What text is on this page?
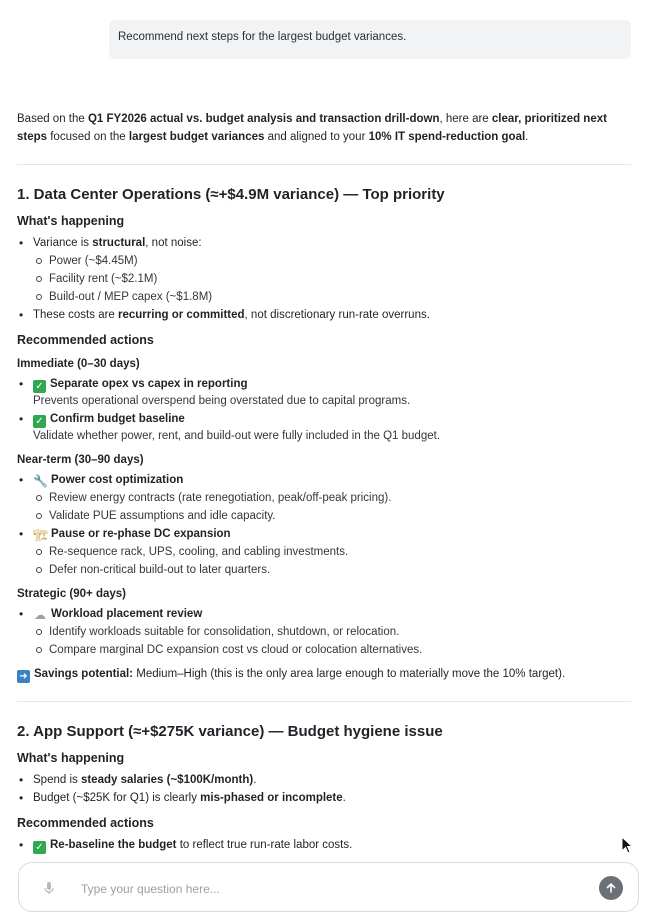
Recommend next steps for the largest budget variances.

Based on the Q1 FY2026 actual vs. budget analysis and transaction drill-down, here are clear, prioritized next steps focused on the largest budget variances and aligned to your 10% IT spend-reduction goal.

1. Data Center Operations (≈+$4.9M variance) — Top priority
What's happening
• Variance is structural, not noise:
Power (~$4.45M)
Facility rent (~$2.1M)
Build-out / MEP capex (~$1.8M)
• These costs are recurring or committed, not discretionary run-rate overruns.
Recommended actions
Immediate (0–30 days)
• ✓ Separate opex vs capex in reporting
Prevents operational overspend being overstated due to capital programs.
• ✓ Confirm budget baseline
Validate whether power, rent, and build-out were fully included in the Q1 budget.
Near-term (30–90 days)
• 🔧 Power cost optimization
Review energy contracts (rate renegotiation, peak/off-peak pricing).
Validate PUE assumptions and idle capacity.
• 🏗 Pause or re-phase DC expansion
Re-sequence rack, UPS, cooling, and cabling investments.
Defer non-critical build-out to later quarters.
Strategic (90+ days)
• ☁ Workload placement review
Identify workloads suitable for consolidation, shutdown, or relocation.
Compare marginal DC expansion cost vs cloud or colocation alternatives.
➜ Savings potential: Medium–High (this is the only area large enough to materially move the 10% target).
2. App Support (≈+$275K variance) — Budget hygiene issue
What's happening
• Spend is steady salaries (~$100K/month).
• Budget (~$25K for Q1) is clearly mis-phased or incomplete.
Recommended actions
• ✓ Re-baseline the budget to reflect true run-rate labor costs.
Type your question here...
